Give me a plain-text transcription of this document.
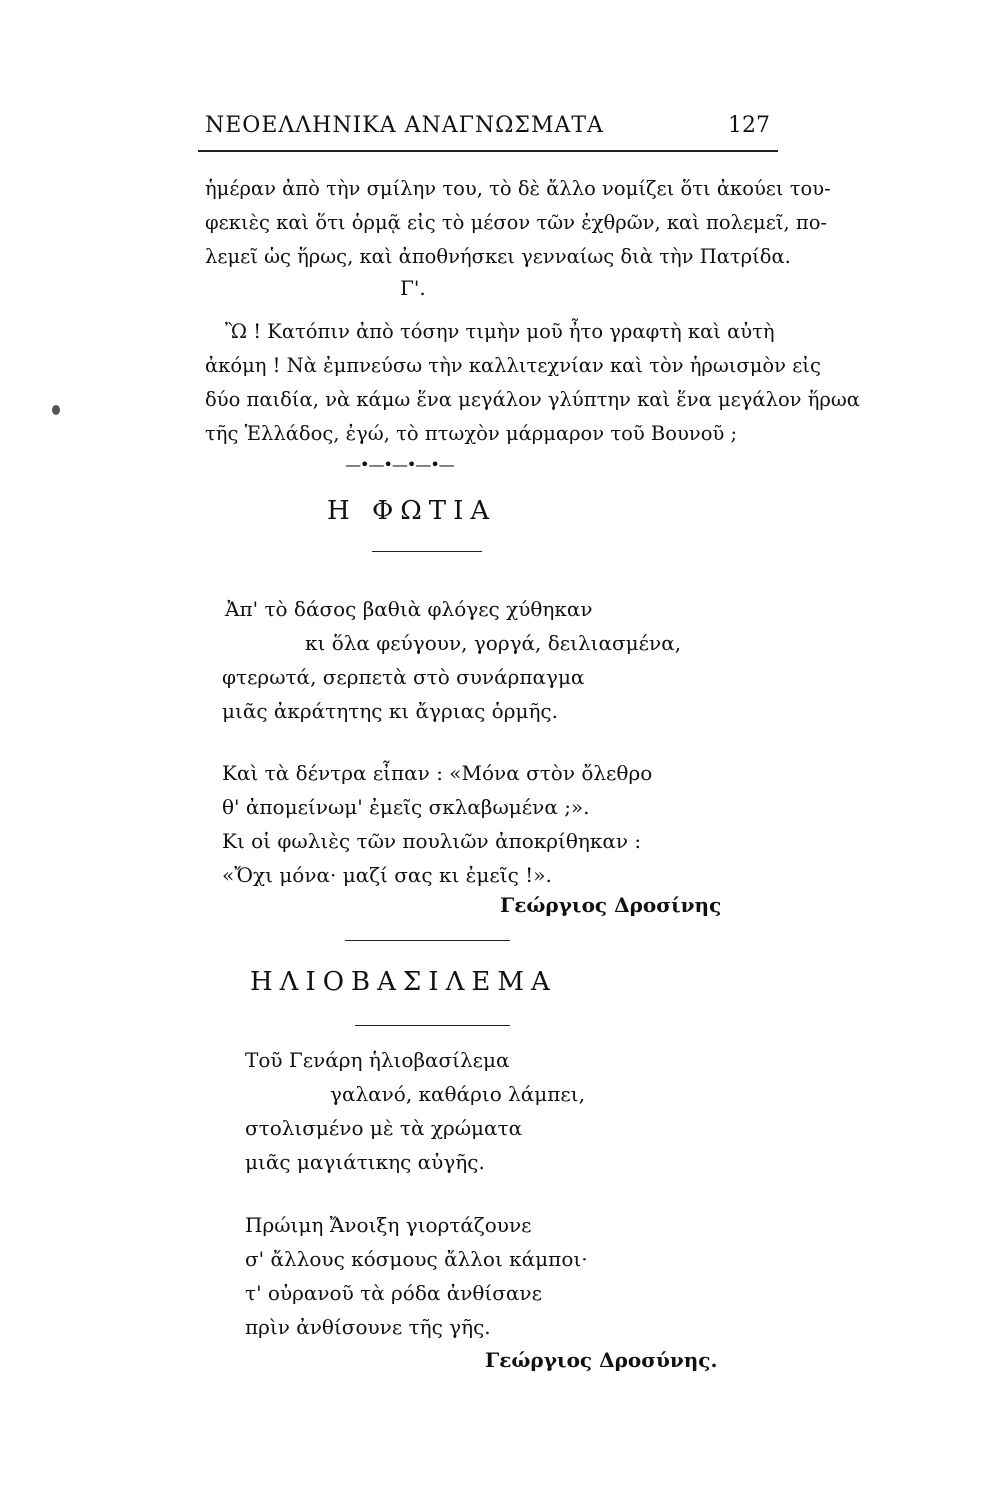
ΝΕΟΕΛΛΗΝΙΚΑ ΑΝΑΓΝΩΣΜΑΤΑ	127
ἡμέραν ἀπὸ τὴν σμίλην του, τὸ δὲ ἄλλο νομίζει ὅτι ἀκούει του-
φεκιὲς καὶ ὅτι ὁρμᾷ εἰς τὸ μέσον τῶν ἐχθρῶν, καὶ πολεμεῖ, πο-
λεμεῖ ὡς ἥρως, καὶ ἀποθνήσκει γενναίως διὰ τὴν Πατρίδα.
Γ'.
Ὢ ! Κατόπιν ἀπὸ τόσην τιμὴν μοῦ ἦτο γραφτὴ καὶ αὐτὴ
ἀκόμη ! Νὰ ἐμπνεύσω τὴν καλλιτεχνίαν καὶ τὸν ἡρωισμὸν εἰς
δύο παιδία, νὰ κάμω ἕνα μεγάλον γλύπτην καὶ ἕνα μεγάλον ἥρωα
τῆς Ἑλλάδος, ἐγώ, τὸ πτωχὸν μάρμαρον τοῦ Βουνοῦ ;
—•—•—•—•—
Η ΦΩΤΙΑ
Ἀπ' τὸ δάσος βαθιὰ φλόγες χύθηκαν
κι ὅλα φεύγουν, γοργά, δειλιασμένα,
φτερωτά, σερπετὰ στὸ συνάρπαγμα
μιᾶς ἀκράτητης κι ἄγριας ὁρμῆς.
Καὶ τὰ δέντρα εἶπαν : «Μόνα στὸν ὄλεθρο
θ' ἀπομείνωμ' ἐμεῖς σκλαβωμένα ;».
Κι οἱ φωλιὲς τῶν πουλιῶν ἀποκρίθηκαν :
«Ὄχι μόνα· μαζί σας κι ἐμεῖς !».
Γεώργιος Δροσίνης
ΗΛΙΟΒΑΣΙΛΕΜΑ
Τοῦ Γενάρη ἡλιοβασίλεμα
γαλανό, καθάριο λάμπει,
στολισμένο μὲ τὰ χρώματα
μιᾶς μαγιάτικης αὐγῆς.
Πρώιμη Ἄνοιξη γιορτάζουνε
σ' ἄλλους κόσμους ἄλλοι κάμποι·
τ' οὐρανοῦ τὰ ρόδα ἀνθίσανε
πρὶν ἀνθίσουνε τῆς γῆς.
Γεώργιος Δροσύνης.
